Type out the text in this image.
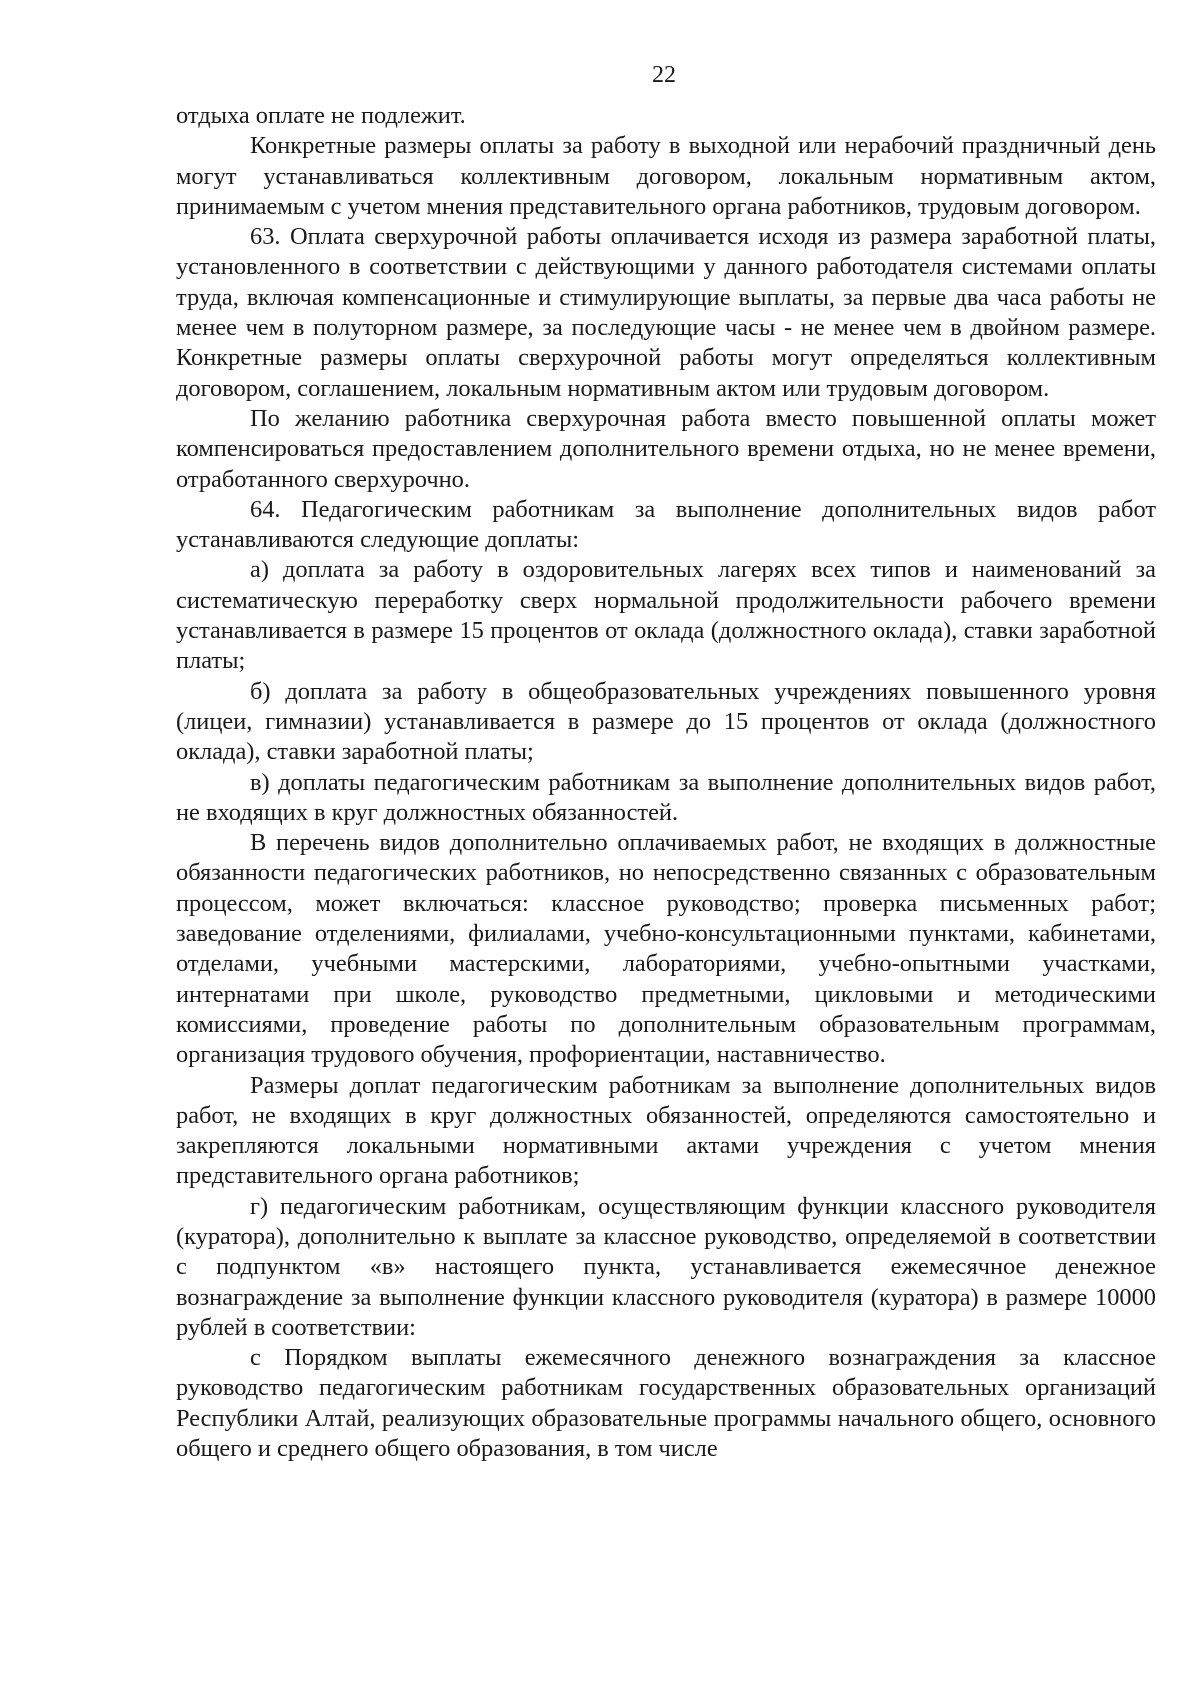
22

отдыха оплате не подлежит.

Конкретные размеры оплаты за работу в выходной или нерабочий праздничный день могут устанавливаться коллективным договором, локальным нормативным актом, принимаемым с учетом мнения представительного органа работников, трудовым договором.

63. Оплата сверхурочной работы оплачивается исходя из размера заработной платы, установленного в соответствии с действующими у данного работодателя системами оплаты труда, включая компенсационные и стимулирующие выплаты, за первые два часа работы не менее чем в полуторном размере, за последующие часы - не менее чем в двойном размере. Конкретные размеры оплаты сверхурочной работы могут определяться коллективным договором, соглашением, локальным нормативным актом или трудовым договором.

По желанию работника сверхурочная работа вместо повышенной оплаты может компенсироваться предоставлением дополнительного времени отдыха, но не менее времени, отработанного сверхурочно.

64. Педагогическим работникам за выполнение дополнительных видов работ устанавливаются следующие доплаты:

а) доплата за работу в оздоровительных лагерях всех типов и наименований за систематическую переработку сверх нормальной продолжительности рабочего времени устанавливается в размере 15 процентов от оклада (должностного оклада), ставки заработной платы;

б) доплата за работу в общеобразовательных учреждениях повышенного уровня (лицеи, гимназии) устанавливается в размере до 15 процентов от оклада (должностного оклада), ставки заработной платы;

в) доплаты педагогическим работникам за выполнение дополнительных видов работ, не входящих в круг должностных обязанностей.

В перечень видов дополнительно оплачиваемых работ, не входящих в должностные обязанности педагогических работников, но непосредственно связанных с образовательным процессом, может включаться: классное руководство; проверка письменных работ; заведование отделениями, филиалами, учебно-консультационными пунктами, кабинетами, отделами, учебными мастерскими, лабораториями, учебно-опытными участками, интернатами при школе, руководство предметными, цикловыми и методическими комиссиями, проведение работы по дополнительным образовательным программам, организация трудового обучения, профориентации, наставничество.

Размеры доплат педагогическим работникам за выполнение дополнительных видов работ, не входящих в круг должностных обязанностей, определяются самостоятельно и закрепляются локальными нормативными актами учреждения с учетом мнения представительного органа работников;

г) педагогическим работникам, осуществляющим функции классного руководителя (куратора), дополнительно к выплате за классное руководство, определяемой в соответствии с подпунктом «в» настоящего пункта, устанавливается ежемесячное денежное вознаграждение за выполнение функции классного руководителя (куратора) в размере 10000 рублей в соответствии:

с Порядком выплаты ежемесячного денежного вознаграждения за классное руководство педагогическим работникам государственных образовательных организаций Республики Алтай, реализующих образовательные программы начального общего, основного общего и среднего общего образования, в том числе
